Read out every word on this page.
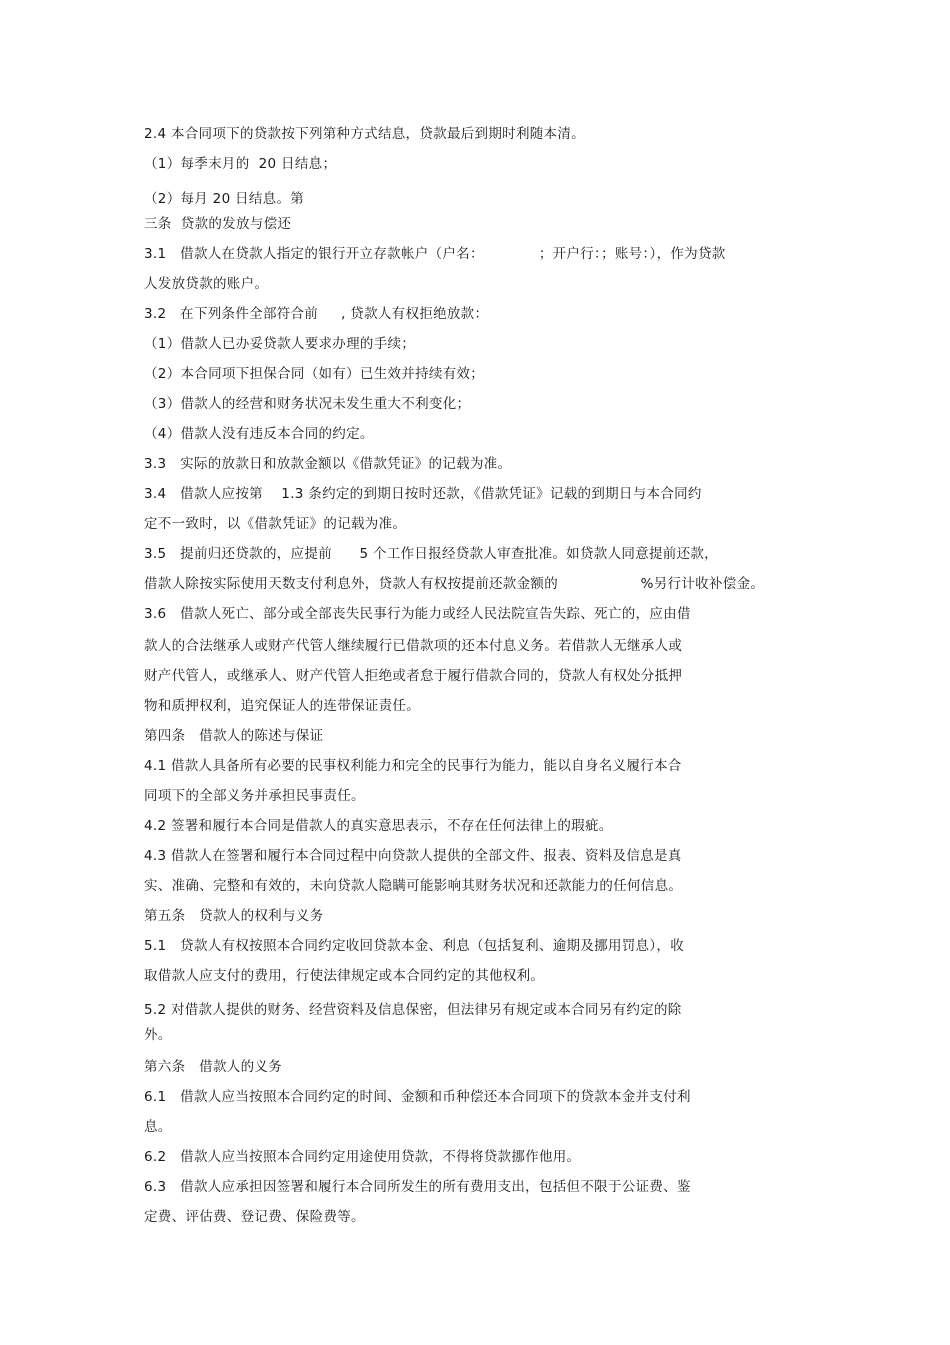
2.4 本合同项下的贷款按下列第种方式结息，贷款最后到期时利随本清。
（1）每季末月的  20 日结息；
（2）每月 20 日结息。第
三条  贷款的发放与偿还
3.1   借款人在贷款人指定的银行开立存款帐户（户名：            ；开户行：；账号：），作为贷款
人发放贷款的账户。
3.2   在下列条件全部符合前     , 贷款人有权拒绝放款：
（1）借款人已办妥贷款人要求办理的手续；
（2）本合同项下担保合同（如有）已生效并持续有效；
（3）借款人的经营和财务状况未发生重大不利变化；
（4）借款人没有违反本合同的约定。
3.3   实际的放款日和放款金额以《借款凭证》的记载为准。
3.4   借款人应按第    1.3 条约定的到期日按时还款，《借款凭证》记载的到期日与本合同约
定不一致时，以《借款凭证》的记载为准。
3.5   提前归还贷款的，应提前      5 个工作日报经贷款人审查批准。如贷款人同意提前还款，
借款人除按实际使用天数支付利息外，贷款人有权按提前还款金额的                  %另行计收补偿金。
3.6   借款人死亡、部分或全部丧失民事行为能力或经人民法院宣告失踪、死亡的，应由借
款人的合法继承人或财产代管人继续履行已借款项的还本付息义务。若借款人无继承人或
财产代管人，或继承人、财产代管人拒绝或者怠于履行借款合同的，贷款人有权处分抵押
物和质押权利，追究保证人的连带保证责任。
第四条   借款人的陈述与保证
4.1 借款人具备所有必要的民事权利能力和完全的民事行为能力，能以自身名义履行本合
同项下的全部义务并承担民事责任。
4.2 签署和履行本合同是借款人的真实意思表示，不存在任何法律上的瑕疵。
4.3 借款人在签署和履行本合同过程中向贷款人提供的全部文件、报表、资料及信息是真
实、准确、完整和有效的，未向贷款人隐瞒可能影响其财务状况和还款能力的任何信息。
第五条   贷款人的权利与义务
5.1   贷款人有权按照本合同约定收回贷款本金、利息（包括复利、逾期及挪用罚息），收
取借款人应支付的费用，行使法律规定或本合同约定的其他权利。
5.2 对借款人提供的财务、经营资料及信息保密，但法律另有规定或本合同另有约定的除
外。
第六条   借款人的义务
6.1   借款人应当按照本合同约定的时间、金额和币种偿还本合同项下的贷款本金并支付利
息。
6.2   借款人应当按照本合同约定用途使用贷款，不得将贷款挪作他用。
6.3   借款人应承担因签署和履行本合同所发生的所有费用支出，包括但不限于公证费、鉴
定费、评估费、登记费、保险费等。
